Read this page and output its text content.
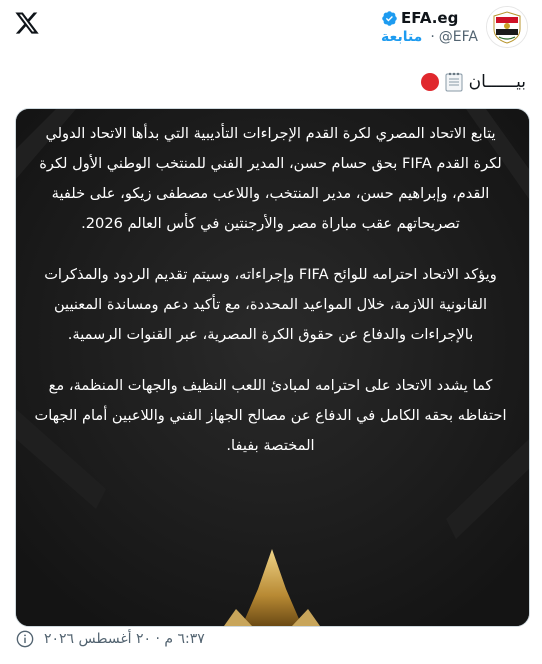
EFA.eg
متابعة · @EFA
بيــــــان

يتابع الاتحاد المصري لكرة القدم الإجراءات التأديبية التي بدأها الاتحاد الدولي لكرة القدم FIFA بحق حسام حسن، المدير الفني للمنتخب الوطني الأول لكرة القدم، وإبراهيم حسن، مدير المنتخب، واللاعب مصطفى زيكو، على خلفية تصريحاتهم عقب مباراة مصر والأرجنتين في كأس العالم 2026.

ويؤكد الاتحاد احترامه للوائح FIFA وإجراءاته، وسيتم تقديم الردود والمذكرات القانونية اللازمة، خلال المواعيد المحددة، مع تأكيد دعم ومساندة المعنيين بالإجراءات والدفاع عن حقوق الكرة المصرية، عبر القنوات الرسمية.

كما يشدد الاتحاد على احترامه لمبادئ اللعب النظيف والجهات المنظمة، مع احتفاظه بحقه الكامل في الدفاع عن مصالح الجهاز الفني واللاعبين أمام الجهات المختصة بفيفا.

٦:٣٧ م · ٢٠ أغسطس ٢٠٢٦
